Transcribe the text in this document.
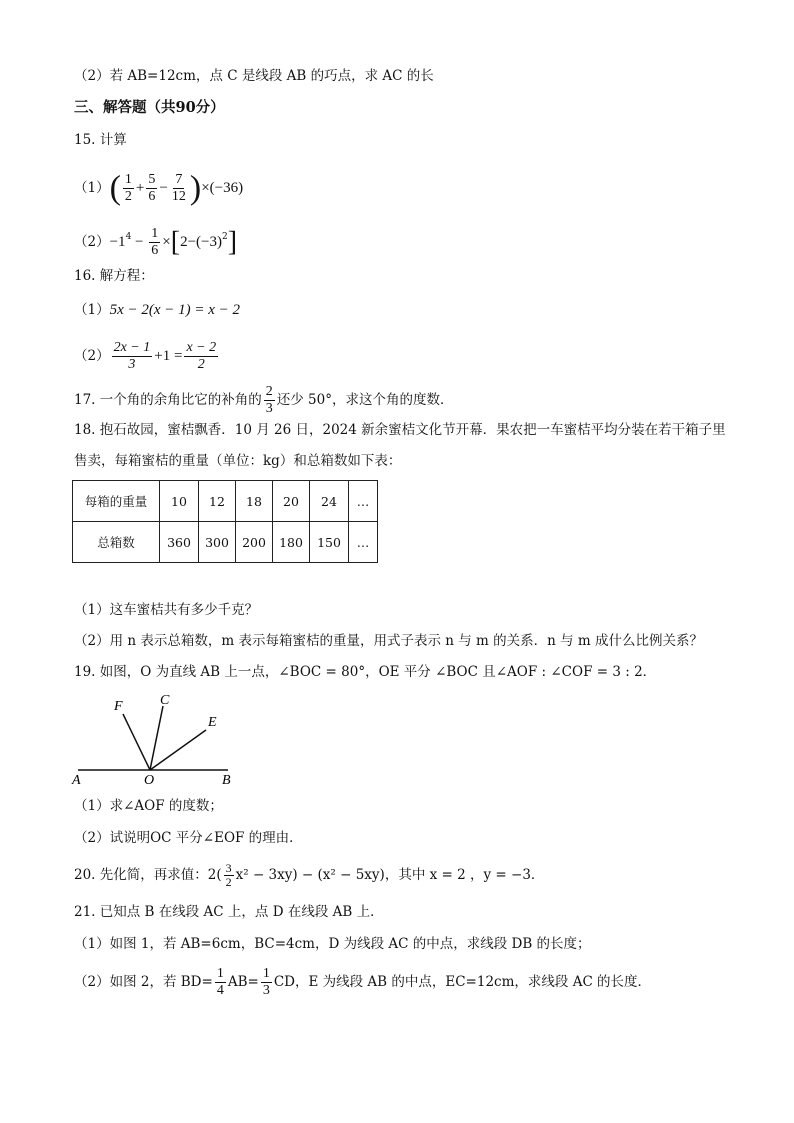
（2）若 AB=12cm，点 C 是线段 AB 的巧点，求 AC 的长
三、解答题（共90分）
15. 计算
$(1)( \frac{1}{2} + \frac{5}{6} - \frac{7}{12} )\times(-36)$
$(2)-1^4 - \frac{1}{6} \times[2-(-3)^2]$
16. 解方程：
（1）5x − 2(x − 1) = x − 2
$(2) \frac{2x - 1}{3} +1 = \frac{x - 2}{2}$
17. 一个角的余角比它的补角的 $\frac{2}{3}$ 还少 50°，求这个角的度数．
18. 抱石故园，蜜桔飘香．10 月 26 日，2024 新余蜜桔文化节开幕．果农把一车蜜桔平均分装在若干箱子里
售卖，每箱蜜桔的重量（单位：kg）和总箱数如下表：
每箱的重量	10	12	18	20	24	…
总箱数	360	300	200	180	150	…
（1）这车蜜桔共有多少千克？
（2）用 n 表示总箱数，m 表示每箱蜜桔的重量，用式子表示 n 与 m 的关系．n 与 m 成什么比例关系？
19. 如图，O 为直线 AB 上一点，∠BOC = 80°，OE 平分 ∠BOC 且∠AOF : ∠COF = 3 : 2．
F	C
E
A	O	B
（1）求∠AOF 的度数；
（2）试说明OC 平分∠EOF 的理由．
20. 先化简，再求值：$2( \frac{3}{2} x^2 - 3xy) - (x^2 - 5xy)$，其中 x = 2 ，y = −3．
21. 已知点 B 在线段 AC 上，点 D 在线段 AB 上．
（1）如图 1，若 AB=6cm，BC=4cm，D 为线段 AC 的中点，求线段 DB 的长度；
（2）如图 2，若 $BD= \frac{1}{4} AB= \frac{1}{3}$ CD，E 为线段 AB 的中点，EC=12cm，求线段 AC 的长度．
